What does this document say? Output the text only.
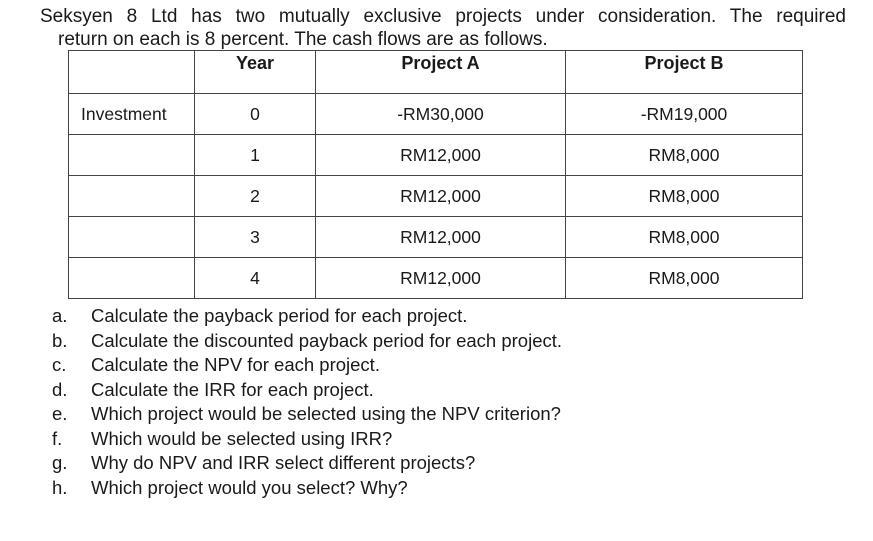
Seksyen 8 Ltd has two mutually exclusive projects under consideration. The required
return on each is 8 percent. The cash flows are as follows.
	Year	Project A	Project B
Investment	0	-RM30,000	-RM19,000
	1	RM12,000	RM8,000
	2	RM12,000	RM8,000
	3	RM12,000	RM8,000
	4	RM12,000	RM8,000
a.	Calculate the payback period for each project.
b.	Calculate the discounted payback period for each project.
c.	Calculate the NPV for each project.
d.	Calculate the IRR for each project.
e.	Which project would be selected using the NPV criterion?
f.	Which would be selected using IRR?
g.	Why do NPV and IRR select different projects?
h.	Which project would you select? Why?
